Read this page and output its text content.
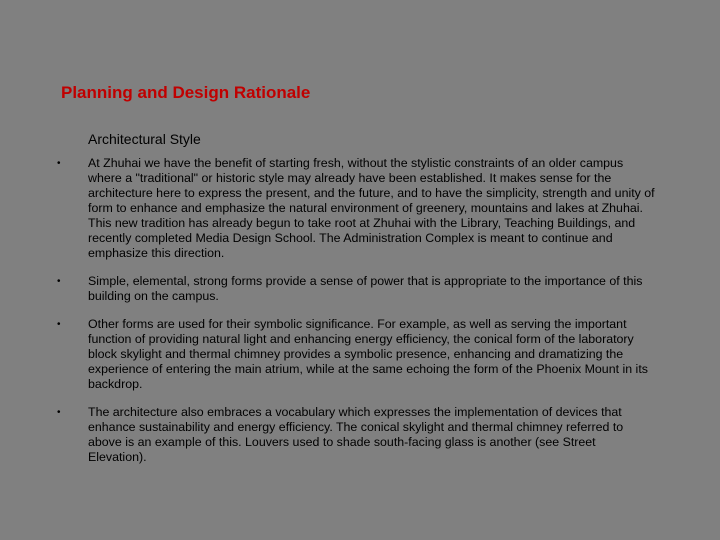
Planning and Design Rationale
Architectural Style
• At Zhuhai we have the benefit of starting fresh, without the stylistic constraints of an older campus where a "traditional" or historic style may already have been established. It makes sense for the architecture here to express the present, and the future, and to have the simplicity, strength and unity of form to enhance and emphasize the natural environment of greenery, mountains and lakes at Zhuhai. This new tradition has already begun to take root at Zhuhai with the Library, Teaching Buildings, and recently completed Media Design School. The Administration Complex is meant to continue and emphasize this direction.
• Simple, elemental, strong forms provide a sense of power that is appropriate to the importance of this building on the campus.
• Other forms are used for their symbolic significance. For example, as well as serving the important function of providing natural light and enhancing energy efficiency, the conical form of the laboratory block skylight and thermal chimney provides a symbolic presence, enhancing and dramatizing the experience of entering the main atrium, while at the same echoing the form of the Phoenix Mount in its backdrop.
• The architecture also embraces a vocabulary which expresses the implementation of devices that enhance sustainability and energy efficiency. The conical skylight and thermal chimney referred to above is an example of this. Louvers used to shade south-facing glass is another (see Street Elevation).
